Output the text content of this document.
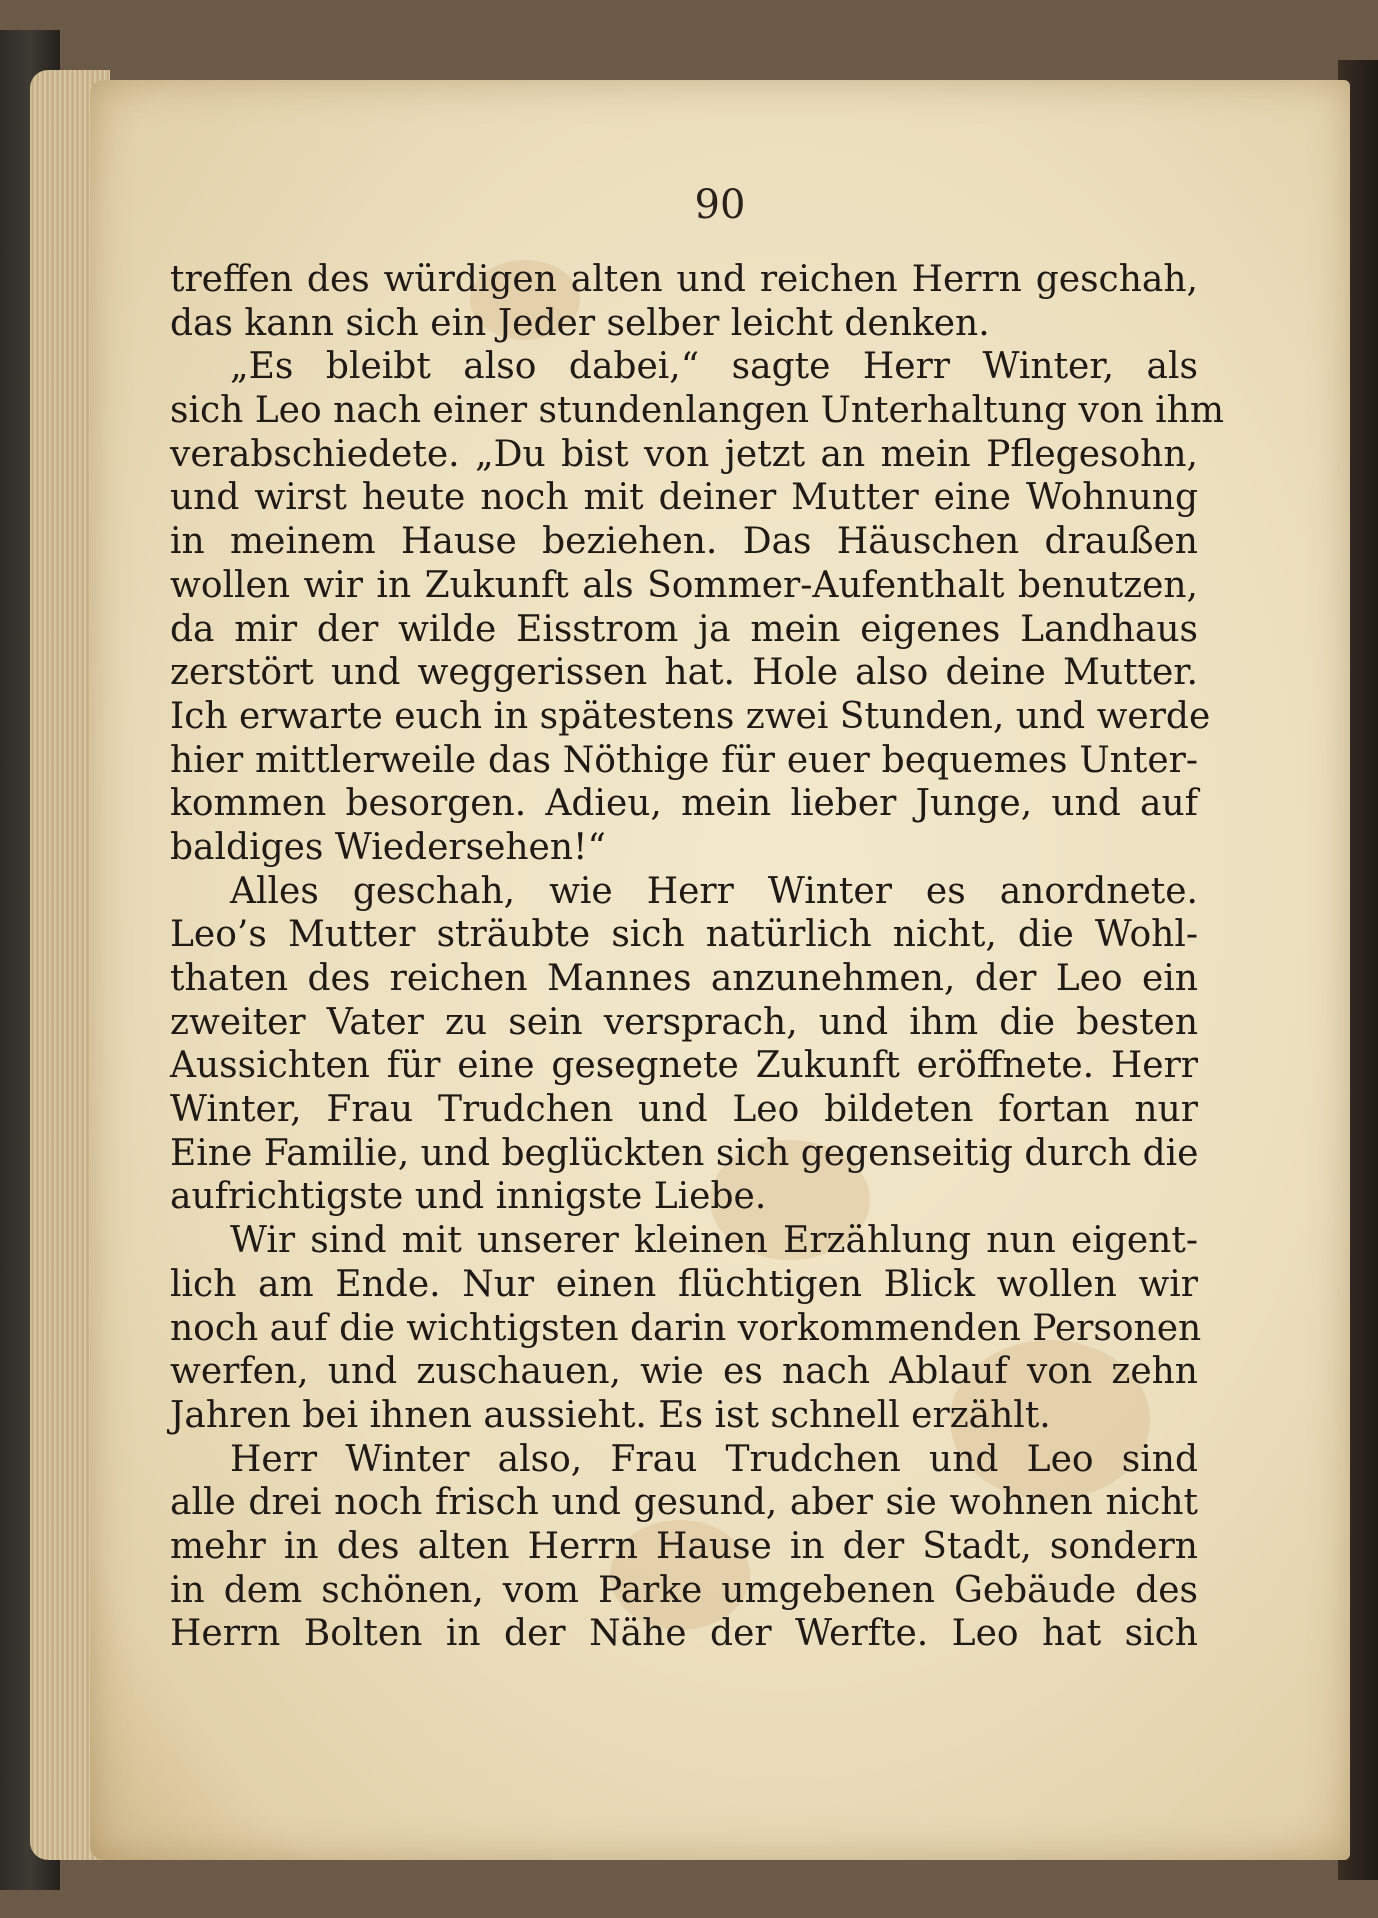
90
treffen des würdigen alten und reichen Herrn geschah,
das kann sich ein Jeder selber leicht denken.
„Es bleibt also dabei,“ sagte Herr Winter, als
sich Leo nach einer stundenlangen Unterhaltung von ihm
verabschiedete. „Du bist von jetzt an mein Pflegesohn,
und wirst heute noch mit deiner Mutter eine Wohnung
in meinem Hause beziehen. Das Häuschen draußen
wollen wir in Zukunft als Sommer-Aufenthalt benutzen,
da mir der wilde Eisstrom ja mein eigenes Landhaus
zerstört und weggerissen hat. Hole also deine Mutter.
Ich erwarte euch in spätestens zwei Stunden, und werde
hier mittlerweile das Nöthige für euer bequemes Unter-
kommen besorgen. Adieu, mein lieber Junge, und auf
baldiges Wiedersehen!“
Alles geschah, wie Herr Winter es anordnete.
Leo’s Mutter sträubte sich natürlich nicht, die Wohl-
thaten des reichen Mannes anzunehmen, der Leo ein
zweiter Vater zu sein versprach, und ihm die besten
Aussichten für eine gesegnete Zukunft eröffnete. Herr
Winter, Frau Trudchen und Leo bildeten fortan nur
Eine Familie, und beglückten sich gegenseitig durch die
aufrichtigste und innigste Liebe.
Wir sind mit unserer kleinen Erzählung nun eigent-
lich am Ende. Nur einen flüchtigen Blick wollen wir
noch auf die wichtigsten darin vorkommenden Personen
werfen, und zuschauen, wie es nach Ablauf von zehn
Jahren bei ihnen aussieht. Es ist schnell erzählt.
Herr Winter also, Frau Trudchen und Leo sind
alle drei noch frisch und gesund, aber sie wohnen nicht
mehr in des alten Herrn Hause in der Stadt, sondern
in dem schönen, vom Parke umgebenen Gebäude des
Herrn Bolten in der Nähe der Werfte. Leo hat sich
